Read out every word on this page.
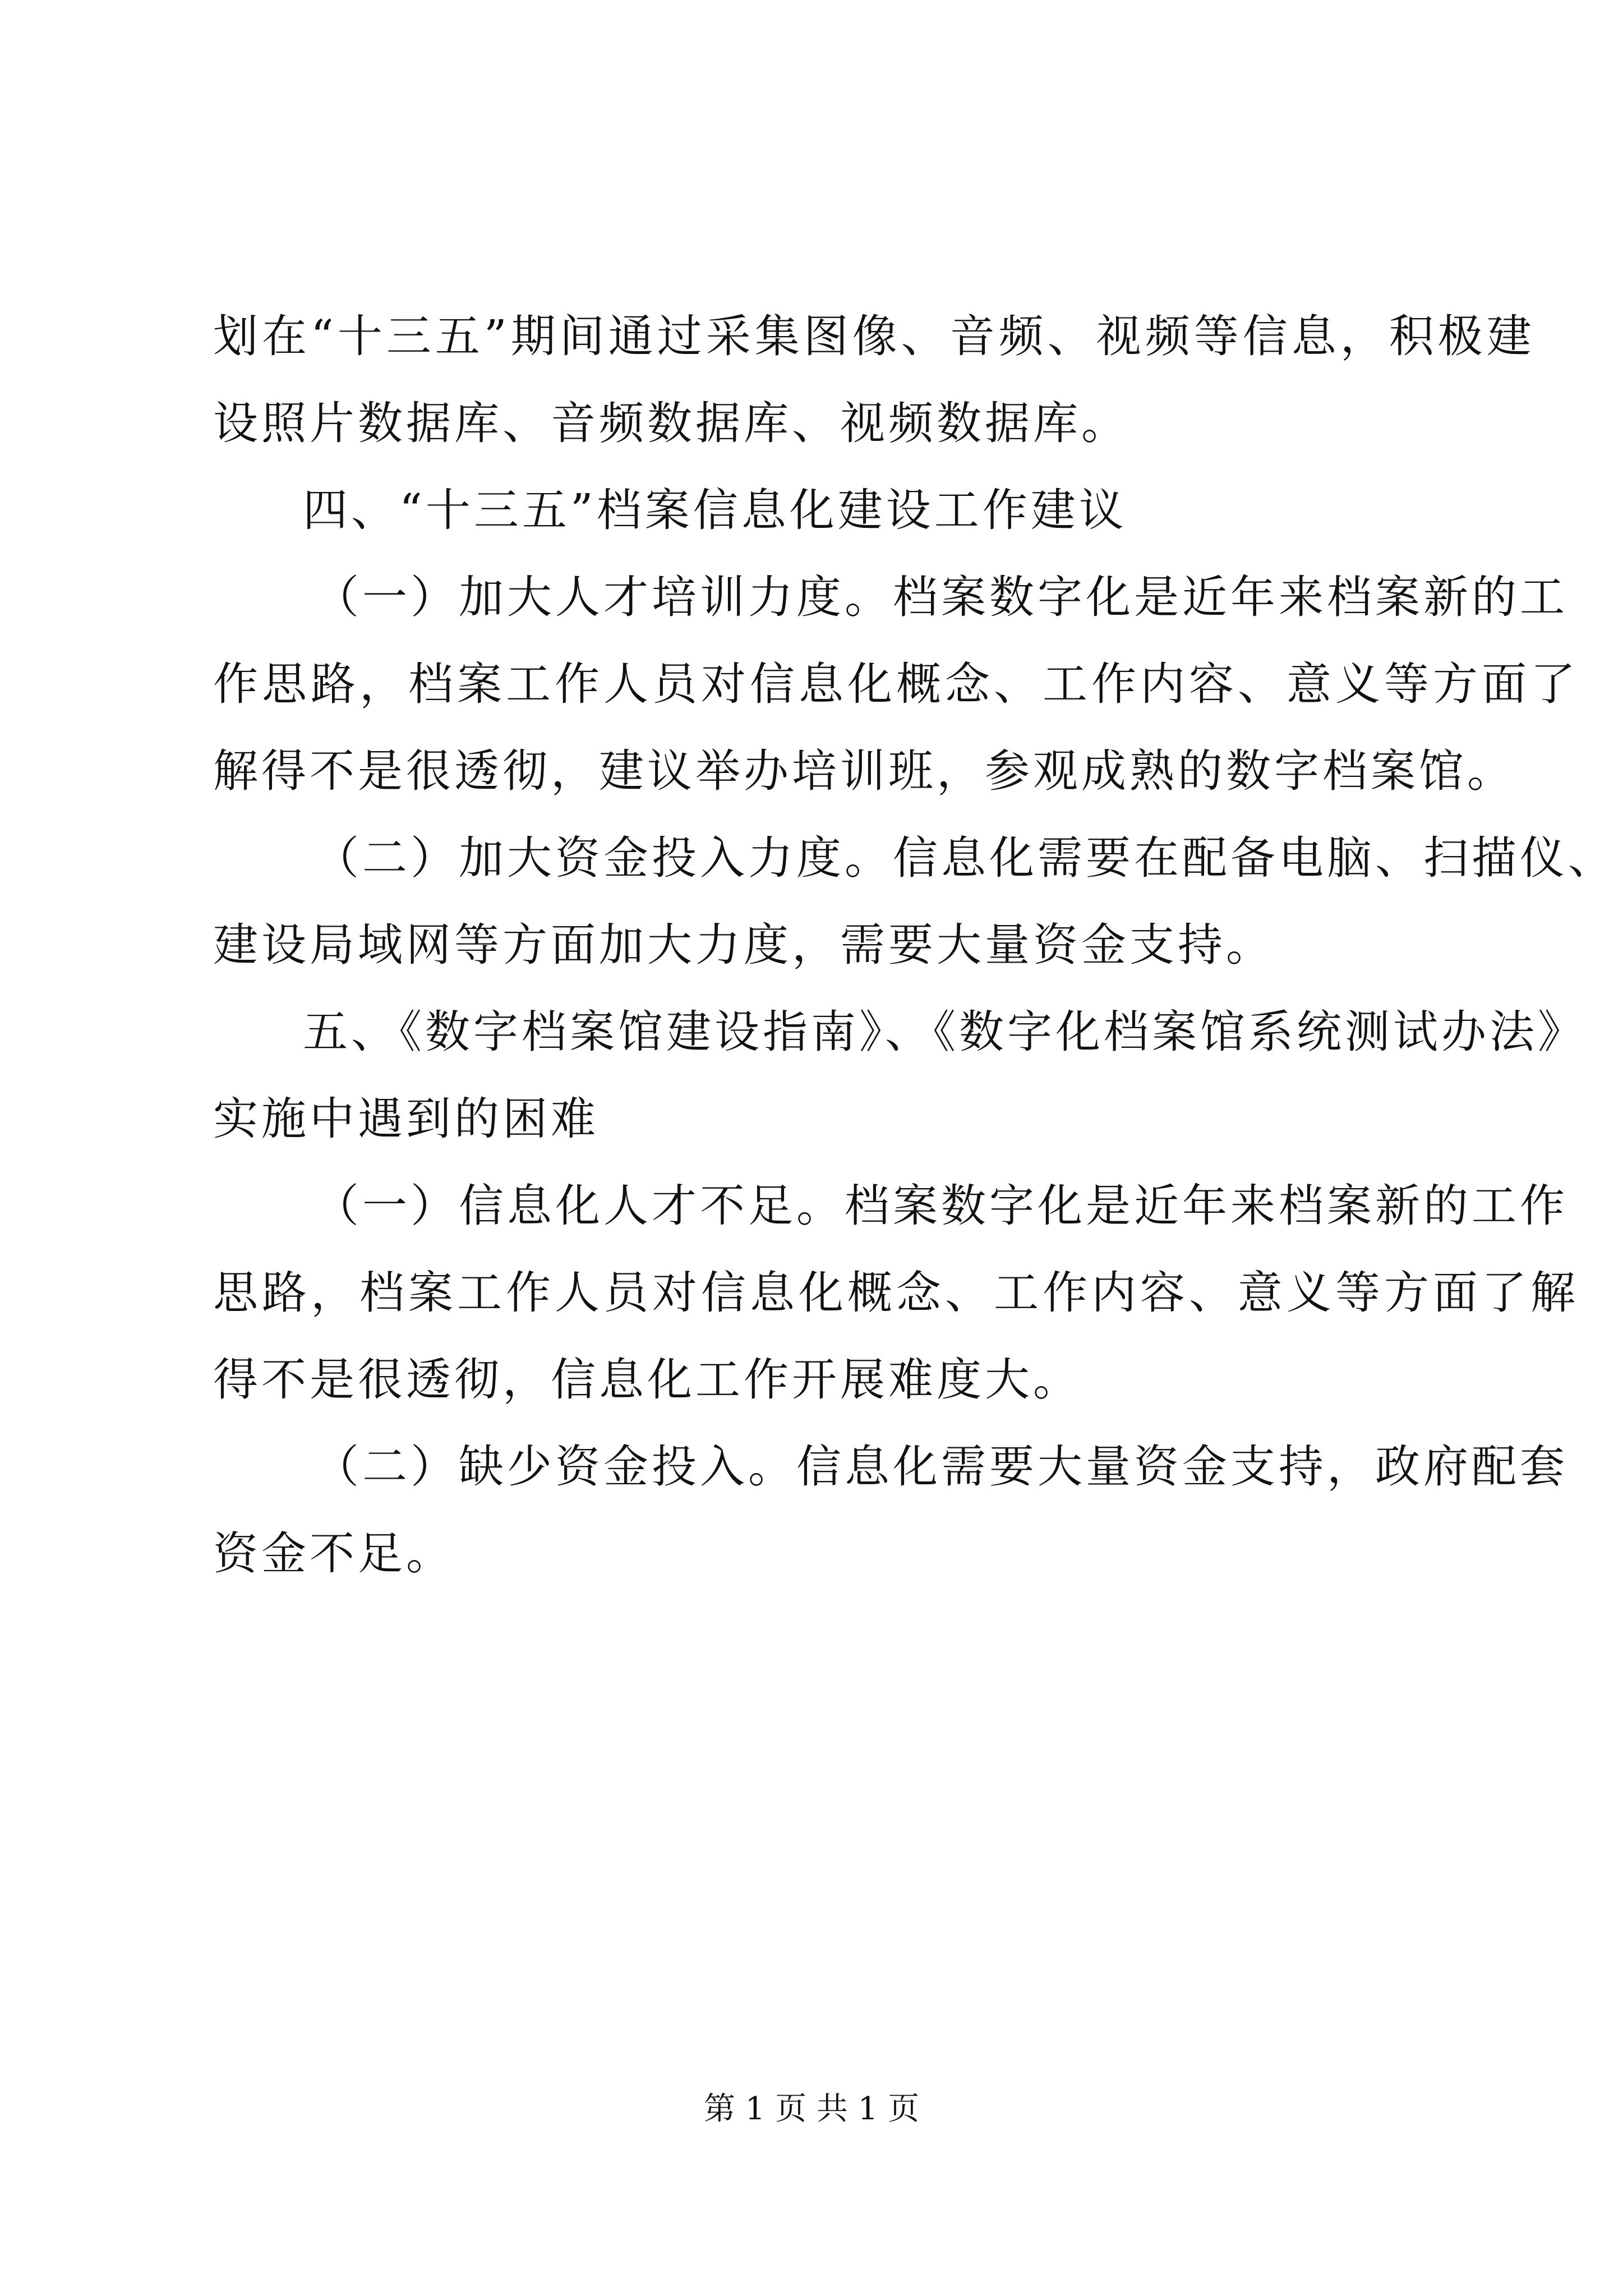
划在“十三五”期间通过采集图像、音频、视频等信息，积极建
设照片数据库、音频数据库、视频数据库。
四、“十三五”档案信息化建设工作建议
（一）加大人才培训力度。档案数字化是近年来档案新的工
作思路，档案工作人员对信息化概念、工作内容、意义等方面了
解得不是很透彻，建议举办培训班，参观成熟的数字档案馆。
（二）加大资金投入力度。信息化需要在配备电脑、扫描仪、
建设局域网等方面加大力度，需要大量资金支持。
五、《数字档案馆建设指南》、《数字化档案馆系统测试办法》
实施中遇到的困难
（一）信息化人才不足。档案数字化是近年来档案新的工作
思路，档案工作人员对信息化概念、工作内容、意义等方面了解
得不是很透彻，信息化工作开展难度大。
（二）缺少资金投入。信息化需要大量资金支持，政府配套
资金不足。
第 1 页 共 1 页
